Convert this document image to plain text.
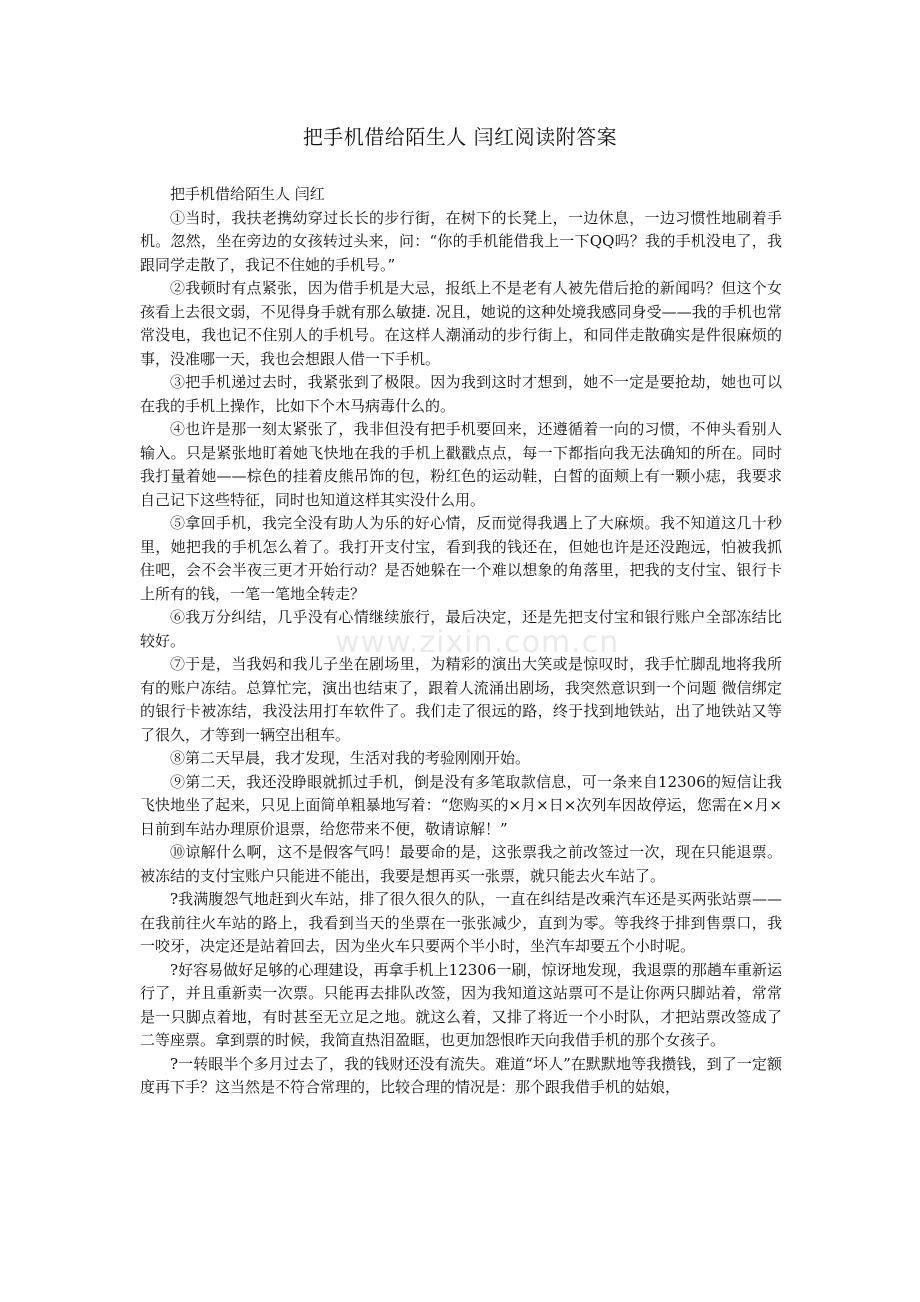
把手机借给陌生人 闫红阅读附答案

把手机借给陌生人 闫红

①当时，我扶老携幼穿过长长的步行街，在树下的长凳上，一边休息，一边习惯性地刷着手机。忽然，坐在旁边的女孩转过头来，问：“你的手机能借我上一下QQ吗？我的手机没电了，我跟同学走散了，我记不住她的手机号。”

②我顿时有点紧张，因为借手机是大忌，报纸上不是老有人被先借后抢的新闻吗？但这个女孩看上去很文弱，不见得身手就有那么敏捷. 况且，她说的这种处境我感同身受——我的手机也常常没电，我也记不住别人的手机号。在这样人潮涌动的步行街上，和同伴走散确实是件很麻烦的事，没准哪一天，我也会想跟人借一下手机。

③把手机递过去时，我紧张到了极限。因为我到这时才想到，她不一定是要抢劫，她也可以在我的手机上操作，比如下个木马病毒什么的。

④也许是那一刻太紧张了，我非但没有把手机要回来，还遵循着一向的习惯，不伸头看别人输入。只是紧张地盯着她飞快地在我的手机上戳戳点点，每一下都指向我无法确知的所在。同时我打量着她——棕色的挂着皮熊吊饰的包，粉红色的运动鞋，白皙的面颊上有一颗小痣，我要求自己记下这些特征，同时也知道这样其实没什么用。

⑤拿回手机，我完全没有助人为乐的好心情，反而觉得我遇上了大麻烦。我不知道这几十秒里，她把我的手机怎么着了。我打开支付宝，看到我的钱还在，但她也许是还没跑远，怕被我抓住吧，会不会半夜三更才开始行动？是否她躲在一个难以想象的角落里，把我的支付宝、银行卡上所有的钱，一笔一笔地全转走？

⑥我万分纠结，几乎没有心情继续旅行，最后决定，还是先把支付宝和银行账户全部冻结比较好。

⑦于是，当我妈和我儿子坐在剧场里，为精彩的演出大笑或是惊叹时，我手忙脚乱地将我所有的账户冻结。总算忙完，演出也结束了，跟着人流涌出剧场，我突然意识到一个问题 微信绑定的银行卡被冻结，我没法用打车软件了。我们走了很远的路，终于找到地铁站，出了地铁站又等了很久，才等到一辆空出租车。

⑧第二天早晨，我才发现，生活对我的考验刚刚开始。

⑨第二天，我还没睁眼就抓过手机，倒是没有多笔取款信息，可一条来自12306的短信让我飞快地坐了起来，只见上面简单粗暴地写着：“您购买的×月×日×次列车因故停运，您需在×月×日前到车站办理原价退票，给您带来不便，敬请谅解！”

⑩谅解什么啊，这不是假客气吗！最要命的是，这张票我之前改签过一次，现在只能退票。被冻结的支付宝账户只能进不能出，我要是想再买一张票，就只能去火车站了。

?我满腹怨气地赶到火车站，排了很久很久的队，一直在纠结是改乘汽车还是买两张站票——在我前往火车站的路上，我看到当天的坐票在一张张减少，直到为零。等我终于排到售票口，我一咬牙，决定还是站着回去，因为坐火车只要两个半小时，坐汽车却要五个小时呢。

?好容易做好足够的心理建设，再拿手机上12306一刷，惊讶地发现，我退票的那趟车重新运行了，并且重新卖一次票。只能再去排队改签，因为我知道这站票可不是让你两只脚站着，常常是一只脚点着地，有时甚至无立足之地。就这么着，又排了将近一个小时队，才把站票改签成了二等座票。拿到票的时候，我简直热泪盈眶，也更加怨恨昨天向我借手机的那个女孩子。

?一转眼半个多月过去了，我的钱财还没有流失。难道“坏人”在默默地等我攒钱，到了一定额度再下手？这当然是不符合常理的，比较合理的情况是：那个跟我借手机的姑娘，

www.zixin.com.cn
